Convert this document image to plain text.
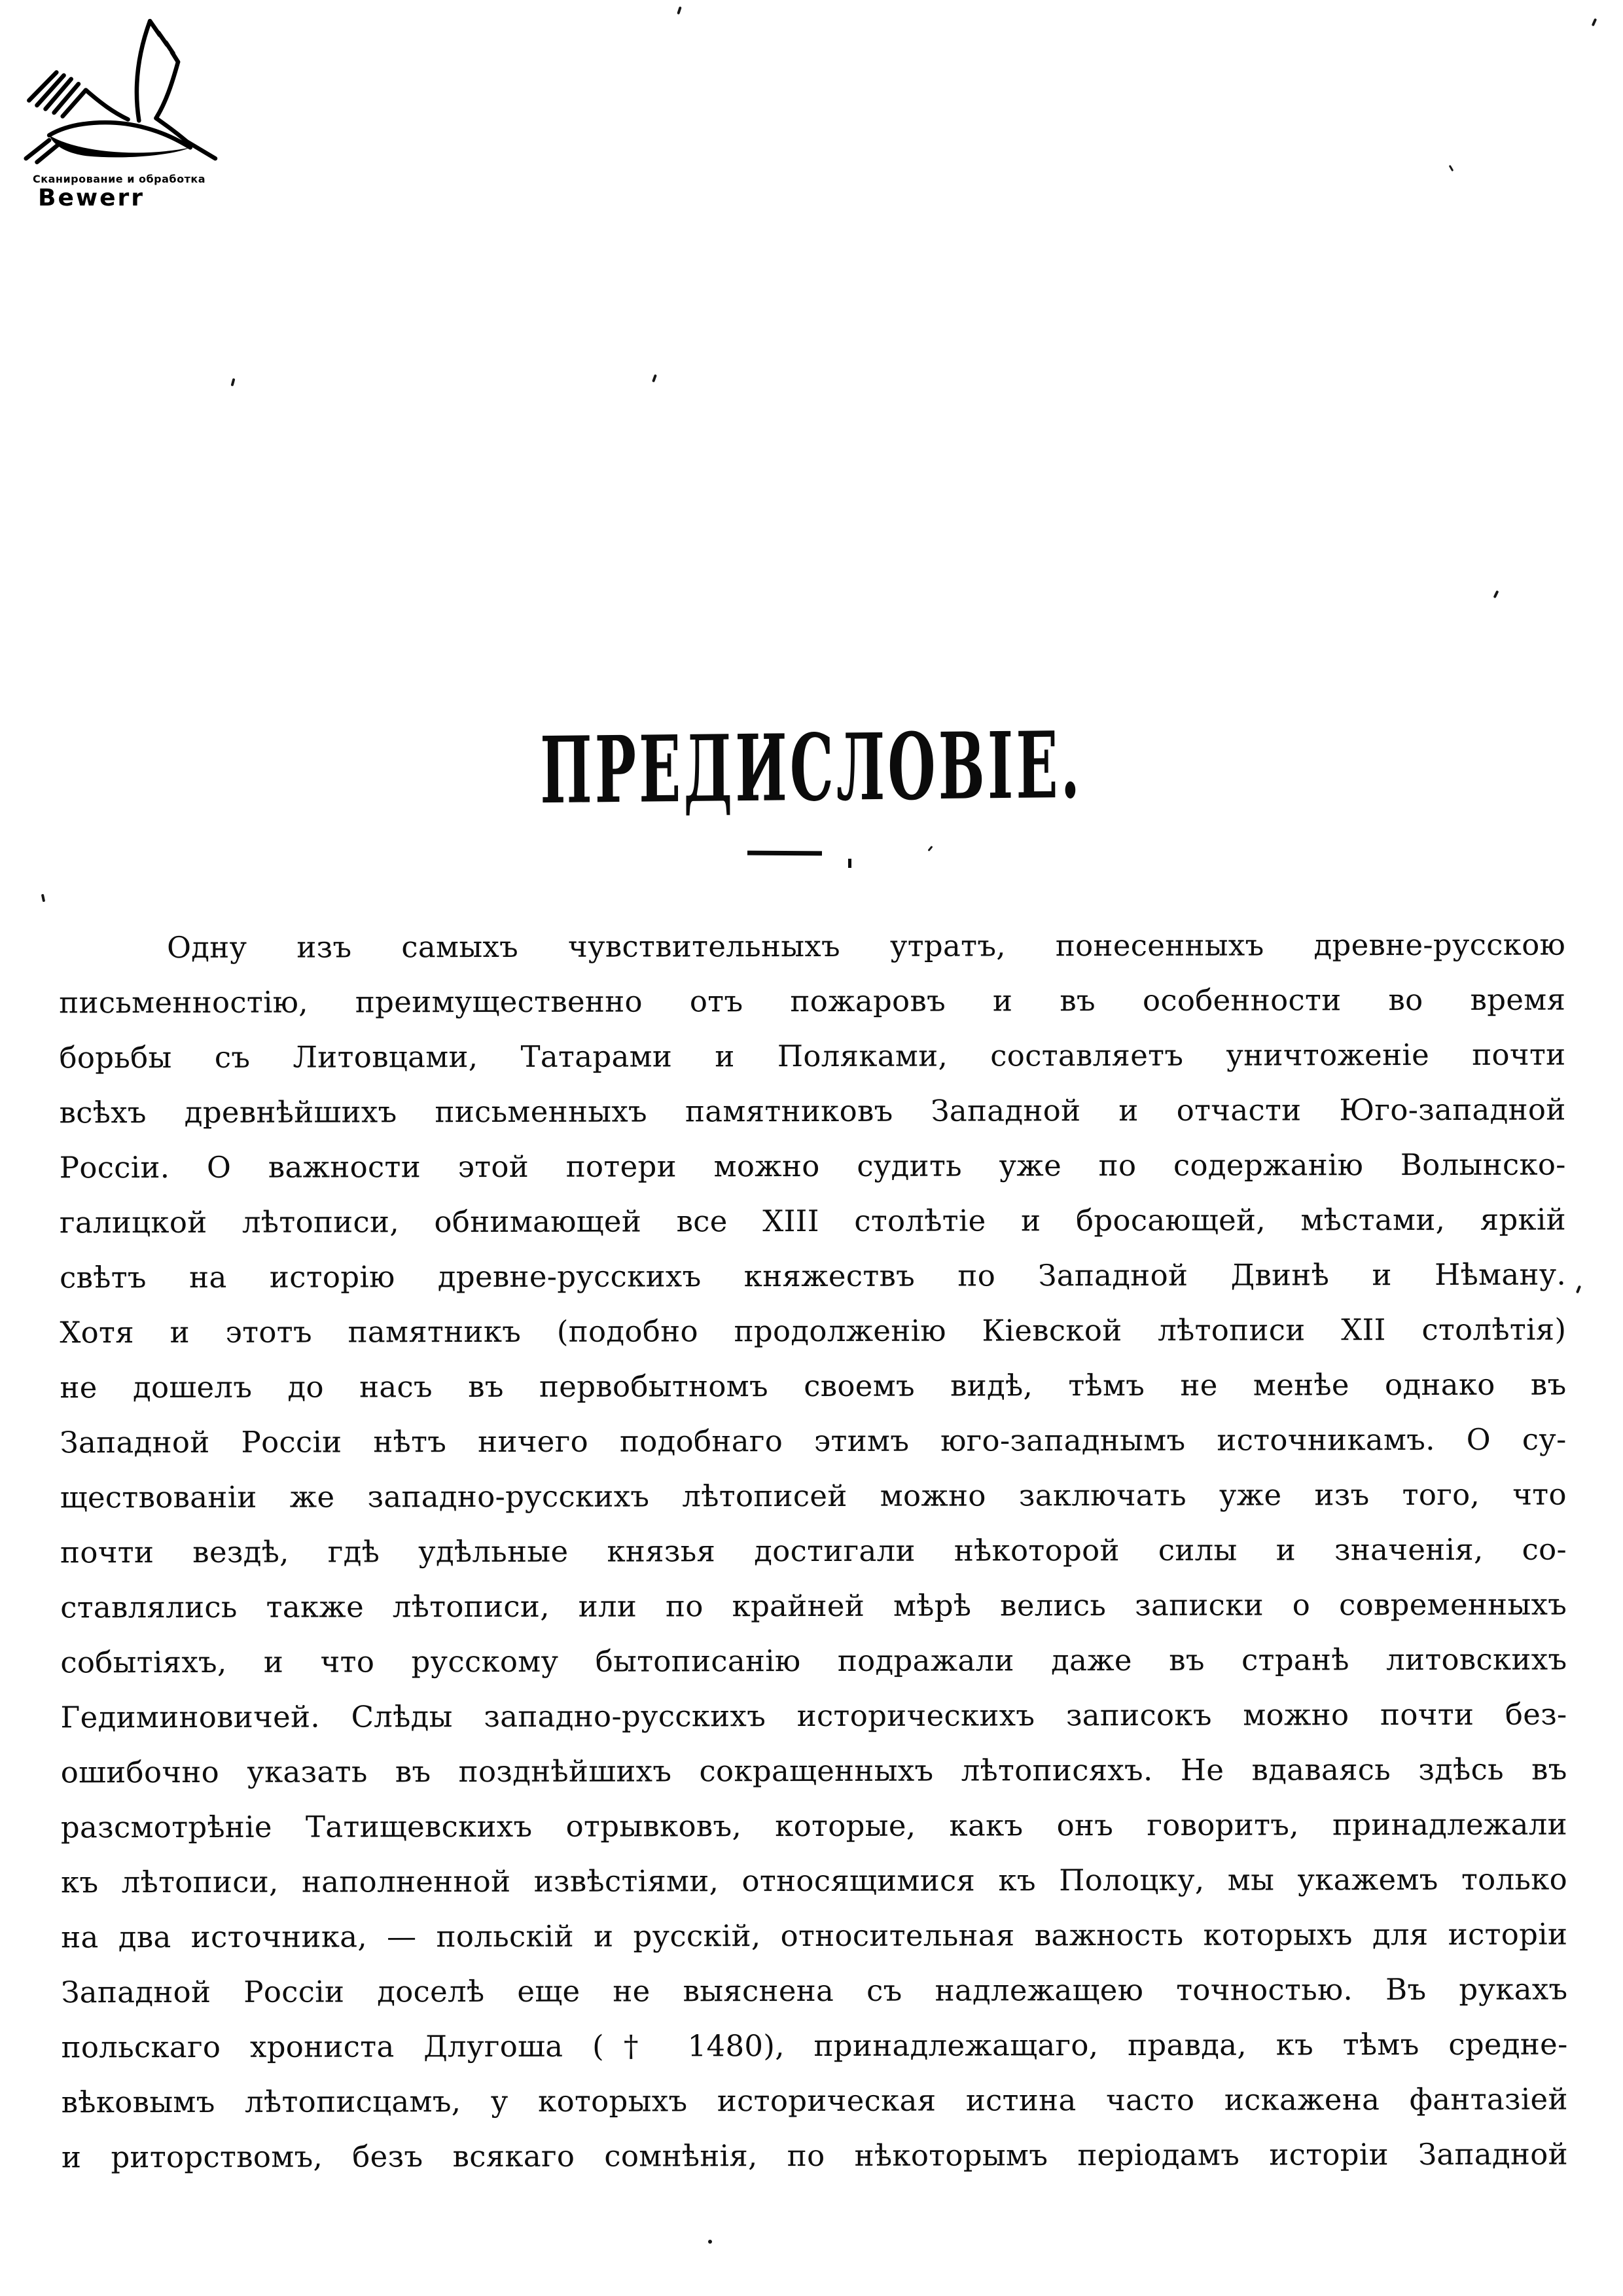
Сканирование и обработка
Bewerr
ПРЕДИСЛОВІЕ.
Одну изъ самыхъ чувствительныхъ утратъ, понесенныхъ древне-русскою
письменностію, преимущественно отъ пожаровъ и въ особенности во время
борьбы съ Литовцами, Татарами и Поляками, составляетъ уничтоженіе почти
всѣхъ древнѣйшихъ письменныхъ памятниковъ Западной и отчасти Юго-западной
Россіи. О важности этой потери можно судить уже по содержанію Волынско-
галицкой лѣтописи, обнимающей все XIII столѣтіе и бросающей, мѣстами, яркій
свѣтъ на исторію древне-русскихъ княжествъ по Западной Двинѣ и Нѣману.
Хотя и этотъ памятникъ (подобно продолженію Кіевской лѣтописи XII столѣтія)
не дошелъ до насъ въ первобытномъ своемъ видѣ, тѣмъ не менѣе однако въ
Западной Россіи нѣтъ ничего подобнаго этимъ юго-западнымъ источникамъ. О су-
ществованіи же западно-русскихъ лѣтописей можно заключать уже изъ того, что
почти вездѣ, гдѣ удѣльные князья достигали нѣкоторой силы и значенія, со-
ставлялись также лѣтописи, или по крайней мѣрѣ велись записки о современныхъ
событіяхъ, и что русскому бытописанію подражали даже въ странѣ литовскихъ
Гедиминовичей. Слѣды западно-русскихъ историческихъ записокъ можно почти без-
ошибочно указать въ позднѣйшихъ сокращенныхъ лѣтописяхъ. Не вдаваясь здѣсь въ
разсмотрѣніе Татищевскихъ отрывковъ, которые, какъ онъ говоритъ, принадлежали
къ лѣтописи, наполненной извѣстіями, относящимися къ Полоцку, мы укажемъ только
на два источника, — польскій и русскій, относительная важность которыхъ для исторіи
Западной Россіи доселѣ еще не выяснена съ надлежащею точностью. Въ рукахъ
польскаго хрониста Длугоша († 1480), принадлежащаго, правда, къ тѣмъ средне-
вѣковымъ лѣтописцамъ, у которыхъ историческая истина часто искажена фантазіей
и риторствомъ, безъ всякаго сомнѣнія, по нѣкоторымъ періодамъ исторіи Западной
